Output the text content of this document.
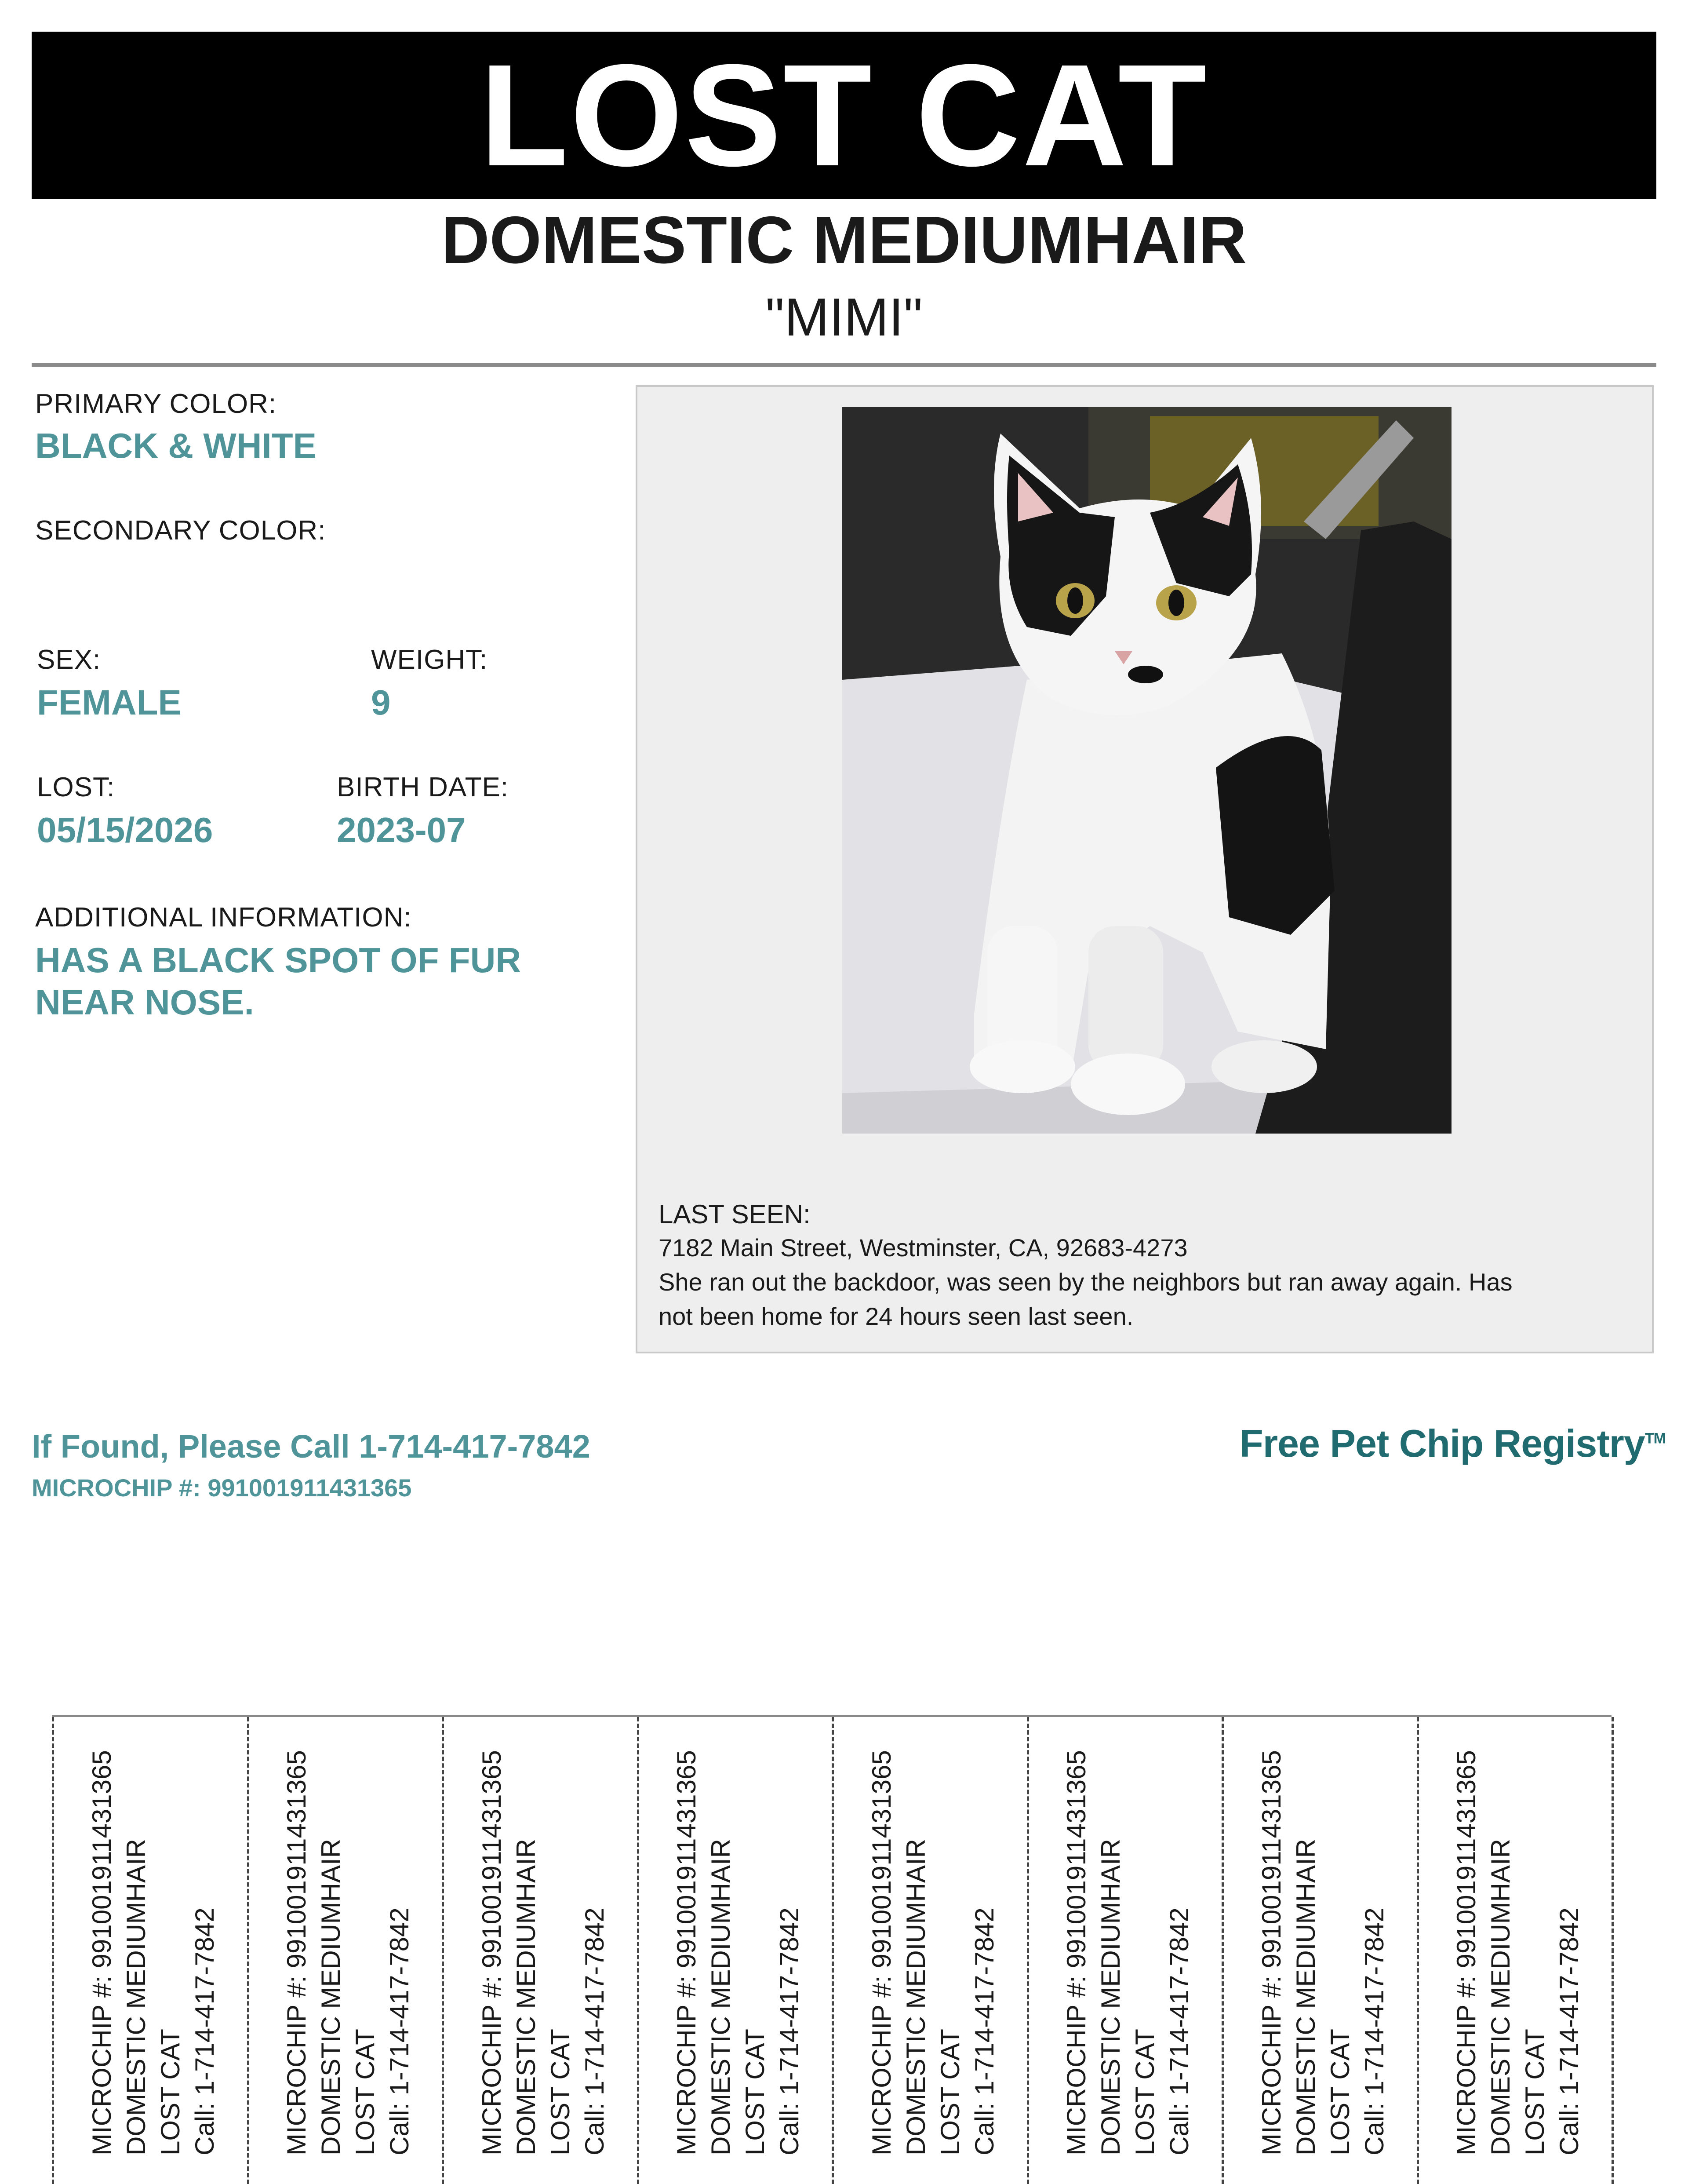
LOST CAT
DOMESTIC MEDIUMHAIR
"MIMI"
PRIMARY COLOR:
BLACK & WHITE
SECONDARY COLOR:
SEX:
FEMALE
WEIGHT:
9
LOST:
05/15/2026
BIRTH DATE:
2023-07
ADDITIONAL INFORMATION:
HAS A BLACK SPOT OF FUR
NEAR NOSE.
LAST SEEN:
7182 Main Street, Westminster, CA, 92683-4273
She ran out the backdoor, was seen by the neighbors but ran away again. Has
not been home for 24 hours seen last seen.
If Found, Please Call 1-714-417-7842
MICROCHIP #: 991001911431365
Free Pet Chip Registry™
Call: 1-714-417-7842
LOST CAT
DOMESTIC MEDIUMHAIR
MICROCHIP #: 991001911431365	Call: 1-714-417-7842
LOST CAT
DOMESTIC MEDIUMHAIR
MICROCHIP #: 991001911431365	Call: 1-714-417-7842
LOST CAT
DOMESTIC MEDIUMHAIR
MICROCHIP #: 991001911431365	Call: 1-714-417-7842
LOST CAT
DOMESTIC MEDIUMHAIR
MICROCHIP #: 991001911431365	Call: 1-714-417-7842
LOST CAT
DOMESTIC MEDIUMHAIR
MICROCHIP #: 991001911431365	Call: 1-714-417-7842
LOST CAT
DOMESTIC MEDIUMHAIR
MICROCHIP #: 991001911431365	Call: 1-714-417-7842
LOST CAT
DOMESTIC MEDIUMHAIR
MICROCHIP #: 991001911431365	Call: 1-714-417-7842
LOST CAT
DOMESTIC MEDIUMHAIR
MICROCHIP #: 991001911431365
